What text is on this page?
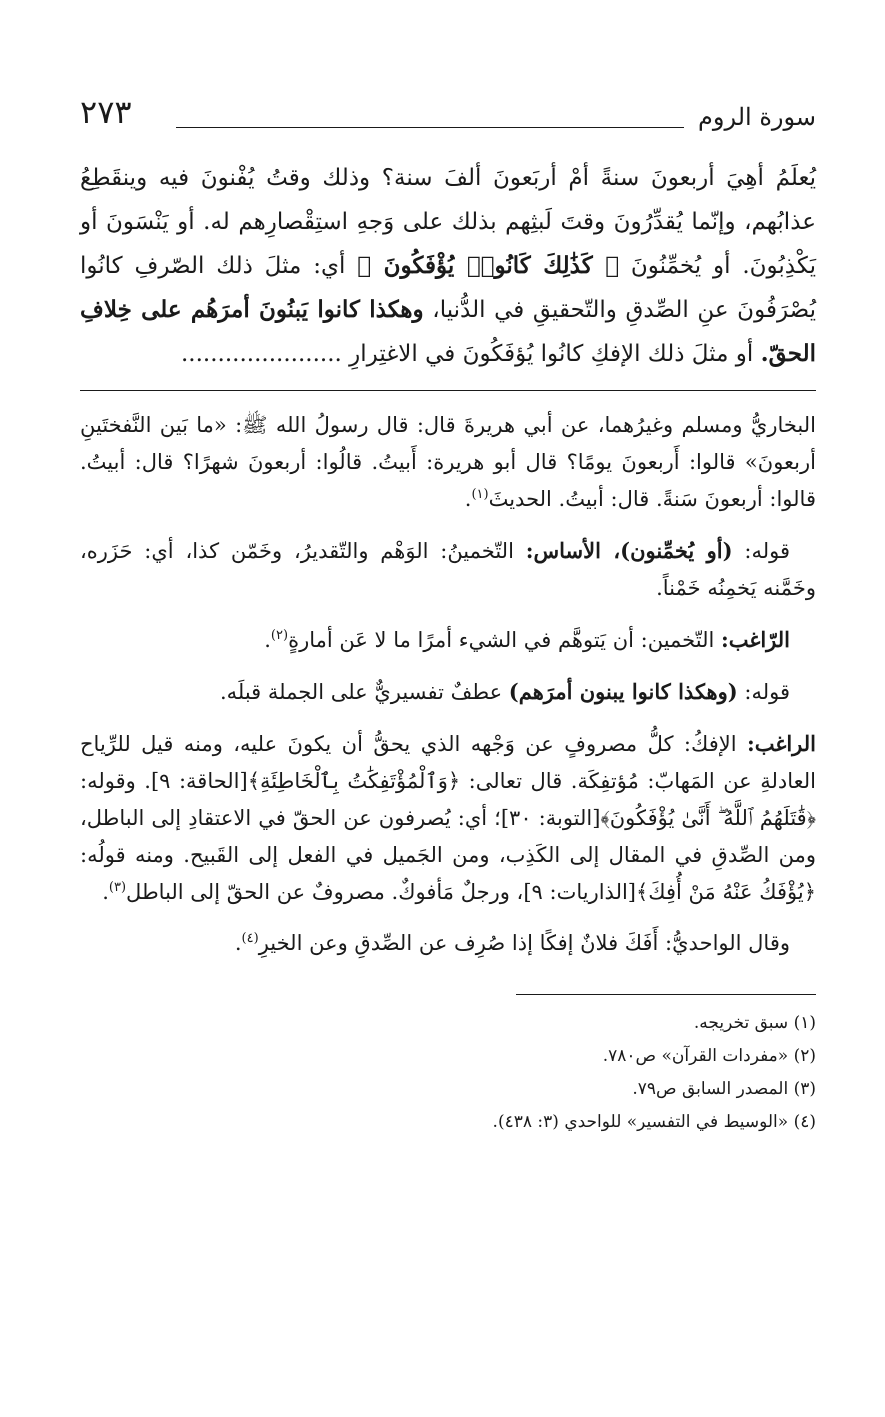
سورة الروم
٢٧٣
يُعلَمُ أهِيَ أربعونَ سنةً أمْ أربَعونَ ألفَ سنة؟ وذلك وقتُ يُفْنونَ فيه وينقَطِعُ عذابُهم، وإنّما يُقدِّرُونَ وقتَ لَبثِهم بذلك على وَجهِ استِقْصارِهم له. أو يَنْسَونَ أو يَكْذِبُونَ. أو يُخمِّنُونَ ﴿ كَذَٰلِكَ كَانُوا۟ يُؤْفَكُونَ ﴾ أي: مثلَ ذلك الصّرفِ كانُوا يُصْرَفُونَ عنِ الصِّدقِ والتّحقيقِ في الدُّنيا، وهكذا كانوا يَبنُونَ أمرَهُم على خِلافِ الحقّ. أو مثلَ ذلك الإفكِ كانُوا يُؤفَكُونَ في الاغتِرارِ ......................

البخاريُّ ومسلم وغيرُهما، عن أبي هريرةَ قال: قال رسولُ الله ﷺ: «ما بَين النَّفختَينِ أربعونَ» قالوا: أَربعونَ يومًا؟ قال أبو هريرة: أَبيتُ. قالُوا: أربعونَ شهرًا؟ قال: أبيتُ. قالوا: أربعونَ سَنةً. قال: أبيتُ. الحديثَ$^{(١)}$.

قوله: (أو يُخمِّنون)، الأساس: التّخمينُ: الوَهْم والتّقديرُ، وخَمّن كذا، أي: حَزَره، وخَمَّنه يَخمِنُه خَمْناً.

الرّاغب: التّخمين: أن يَتوهَّم في الشيء أمرًا ما لا عَن أمارةٍ$^{(٢)}$.

قوله: (وهكذا كانوا يبنون أمرَهم) عطفٌ تفسيريٌّ على الجملة قبلَه.

الراغب: الإفكُ: كلُّ مصروفٍ عن وَجْهه الذي يحقُّ أن يكونَ عليه، ومنه قيل للرِّياح العادلةِ عن المَهابّ: مُؤتفِكَة. قال تعالى: ﴿وَٱلْمُؤْتَفِكَٰتُ بِٱلْخَاطِئَةِ﴾[الحاقة: ٩]. وقوله: ﴿قَٰتَلَهُمُ ٱللَّهُ ۖ أَنَّىٰ يُؤْفَكُونَ﴾[التوبة: ٣٠]؛ أي: يُصرفون عن الحقّ في الاعتقادِ إلى الباطل، ومن الصِّدقِ في المقال إلى الكَذِب، ومن الجَميل في الفعل إلى القَبيح. ومنه قولُه: ﴿يُؤْفَكُ عَنْهُ مَنْ أُفِكَ﴾[الذاريات: ٩]، ورجلٌ مَأفوكٌ. مصروفٌ عن الحقّ إلى الباطل$^{(٣)}$.

وقال الواحديُّ: أَفَكَ فلانٌ إفكًا إذا صُرِف عن الصِّدقِ وعن الخيرِ$^{(٤)}$.

(١) سبق تخريجه.

(٢) «مفردات القرآن» ص٧٨٠.

(٣) المصدر السابق ص٧٩.

(٤) «الوسيط في التفسير» للواحدي (٣: ٤٣٨).
